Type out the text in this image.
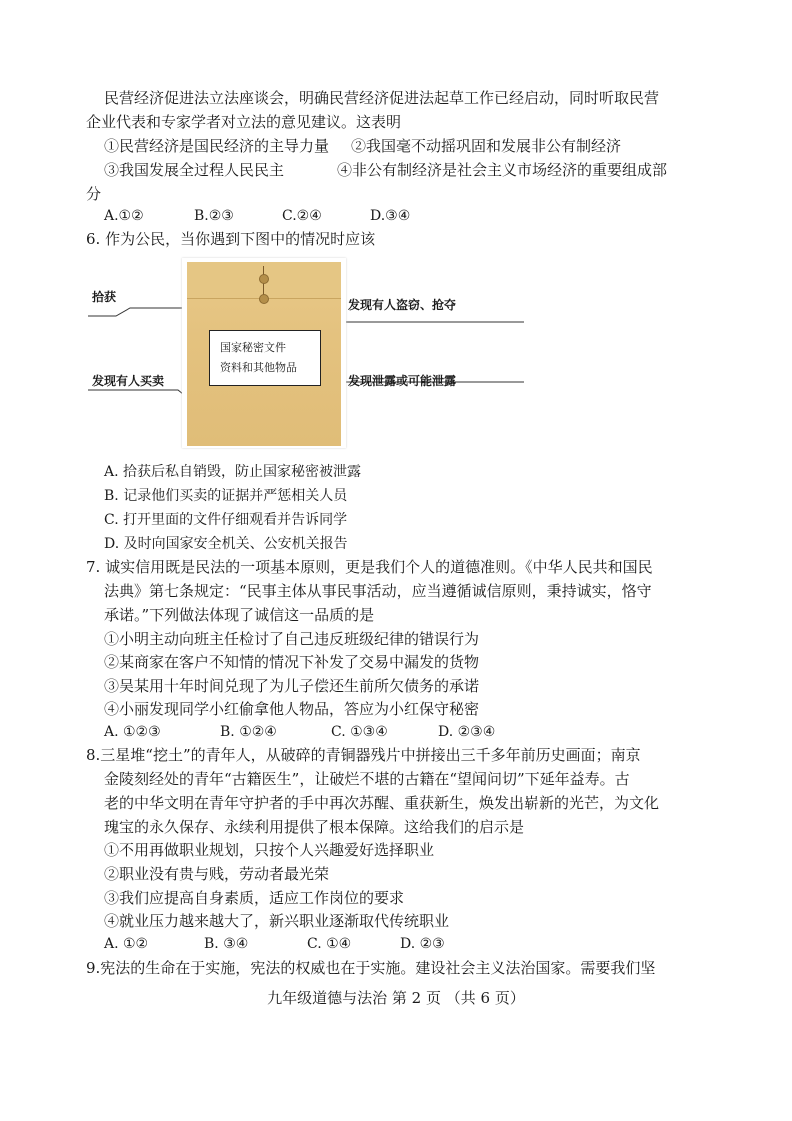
民营经济促进法立法座谈会，明确民营经济促进法起草工作已经启动，同时听取民营
企业代表和专家学者对立法的意见建议。这表明
①民营经济是国民经济的主导力量 ②我国毫不动摇巩固和发展非公有制经济
③我国发展全过程人民民主	④非公有制经济是社会主义市场经济的重要组成部
分
A.①②	B.②③	C.②④	D.③④
6. 作为公民，当你遇到下图中的情况时应该
国家秘密文件
资料和其他物品
拾获
发现有人买卖
发现有人盗窃、抢夺
发现泄露或可能泄露
A. 拾获后私自销毁，防止国家秘密被泄露
B. 记录他们买卖的证据并严惩相关人员
C. 打开里面的文件仔细观看并告诉同学
D. 及时向国家安全机关、公安机关报告
7. 诚实信用既是民法的一项基本原则，更是我们个人的道德准则。《中华人民共和国民
法典》第七条规定：“民事主体从事民事活动，应当遵循诚信原则，秉持诚实，恪守
承诺。”下列做法体现了诚信这一品质的是
①小明主动向班主任检讨了自己违反班级纪律的错误行为
②某商家在客户不知情的情况下补发了交易中漏发的货物
③吴某用十年时间兑现了为儿子偿还生前所欠债务的承诺
④小丽发现同学小红偷拿他人物品，答应为小红保守秘密
A. ①②③	B. ①②④	C. ①③④	D. ②③④
8.三星堆“挖土”的青年人，从破碎的青铜器残片中拼接出三千多年前历史画面；南京
金陵刻经处的青年“古籍医生”，让破烂不堪的古籍在“望闻问切”下延年益寿。古
老的中华文明在青年守护者的手中再次苏醒、重获新生，焕发出崭新的光芒，为文化
瑰宝的永久保存、永续利用提供了根本保障。这给我们的启示是
①不用再做职业规划，只按个人兴趣爱好选择职业
②职业没有贵与贱，劳动者最光荣
③我们应提高自身素质，适应工作岗位的要求
④就业压力越来越大了，新兴职业逐渐取代传统职业
A. ①②	B. ③④	C. ①④	D. ②③
9.宪法的生命在于实施，宪法的权威也在于实施。建设社会主义法治国家。需要我们坚
九年级道德与法治 第 2 页 （共 6 页）
